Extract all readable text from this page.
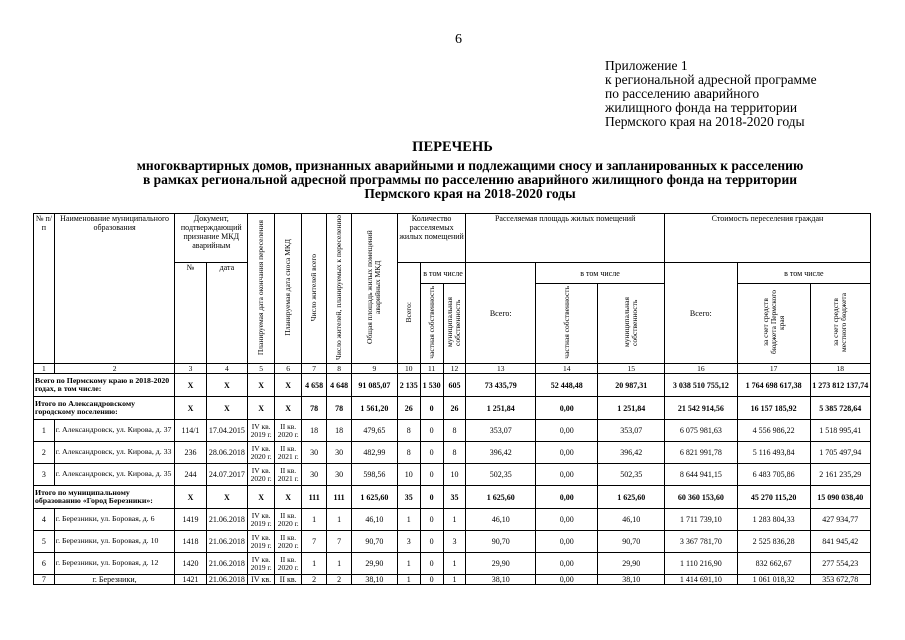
6
Приложение 1
к региональной адресной программе
по расселению аварийного
жилищного фонда на территории
Пермского края на 2018-2020 годы
ПЕРЕЧЕНЬ
многоквартирных домов, признанных аварийными и подлежащими сносу и запланированных к расселению
в рамках региональной адресной программы по расселению аварийного жилищного фонда на территории
Пермского края на 2018-2020 годы
№ п/п	Наименование муниципального образования	Документ, подтверждающий признание МКД аварийным		Планируемая дата окончания переселения	Планируемая дата сноса МКД	Число жителей всего	Число жителей, планируемых к переселению	Общая площадь жилых помещений аварийных МКД	Количество расселяемых жилых помещений			Расселяемая площадь жилых помещений			Стоимость переселения граждан		
		№	дата						Всего:	в том числе		Всего:	в том числе		Всего:	в том числе	
										частная собственность	муниципальная собственность		частная собственность	муниципальная собственность		за счет средств бюджета Пермского края	за счет средств местного бюджета
1	2	3	4	5	6	7	8	9	10	11	12	13	14	15	16	17	18
Всего по Пермскому краю в 2018-2020 годах, в том числе:		X	X	X	X	4 658	4 648	91 085,07	2 135	1 530	605	73 435,79	52 448,48	20 987,31	3 038 510 755,12	1 764 698 617,38	1 273 812 137,74
Итого по Александровскому городскому поселению:		X	X	X	X	78	78	1 561,20	26	0	26	1 251,84	0,00	1 251,84	21 542 914,56	16 157 185,92	5 385 728,64
1	г. Александровск, ул. Кирова, д. 37	114/1	17.04.2015	IV кв. 2019 г.	II кв. 2020 г.	18	18	479,65	8	0	8	353,07	0,00	353,07	6 075 981,63	4 556 986,22	1 518 995,41
2	г. Александровск, ул. Кирова, д. 33	236	28.06.2018	IV кв. 2020 г.	II кв. 2021 г.	30	30	482,99	8	0	8	396,42	0,00	396,42	6 821 991,78	5 116 493,84	1 705 497,94
3	г. Александровск, ул. Кирова, д. 35	244	24.07.2017	IV кв. 2020 г.	II кв. 2021 г.	30	30	598,56	10	0	10	502,35	0,00	502,35	8 644 941,15	6 483 705,86	2 161 235,29
Итого по муниципальному образованию «Город Березники»:		X	X	X	X	111	111	1 625,60	35	0	35	1 625,60	0,00	1 625,60	60 360 153,60	45 270 115,20	15 090 038,40
4	г. Березники, ул. Боровая, д. 6	1419	21.06.2018	IV кв. 2019 г.	II кв. 2020 г.	1	1	46,10	1	0	1	46,10	0,00	46,10	1 711 739,10	1 283 804,33	427 934,77
5	г. Березники, ул. Боровая, д. 10	1418	21.06.2018	IV кв. 2019 г.	II кв. 2020 г.	7	7	90,70	3	0	3	90,70	0,00	90,70	3 367 781,70	2 525 836,28	841 945,42
6	г. Березники, ул. Боровая, д. 12	1420	21.06.2018	IV кв. 2019 г.	II кв. 2020 г.	1	1	29,90	1	0	1	29,90	0,00	29,90	1 110 216,90	832 662,67	277 554,23
7	г. Березники,	1421	21.06.2018	IV кв.	II кв.	2	2	38,10	1	0	1	38,10	0,00	38,10	1 414 691,10	1 061 018,32	353 672,78
